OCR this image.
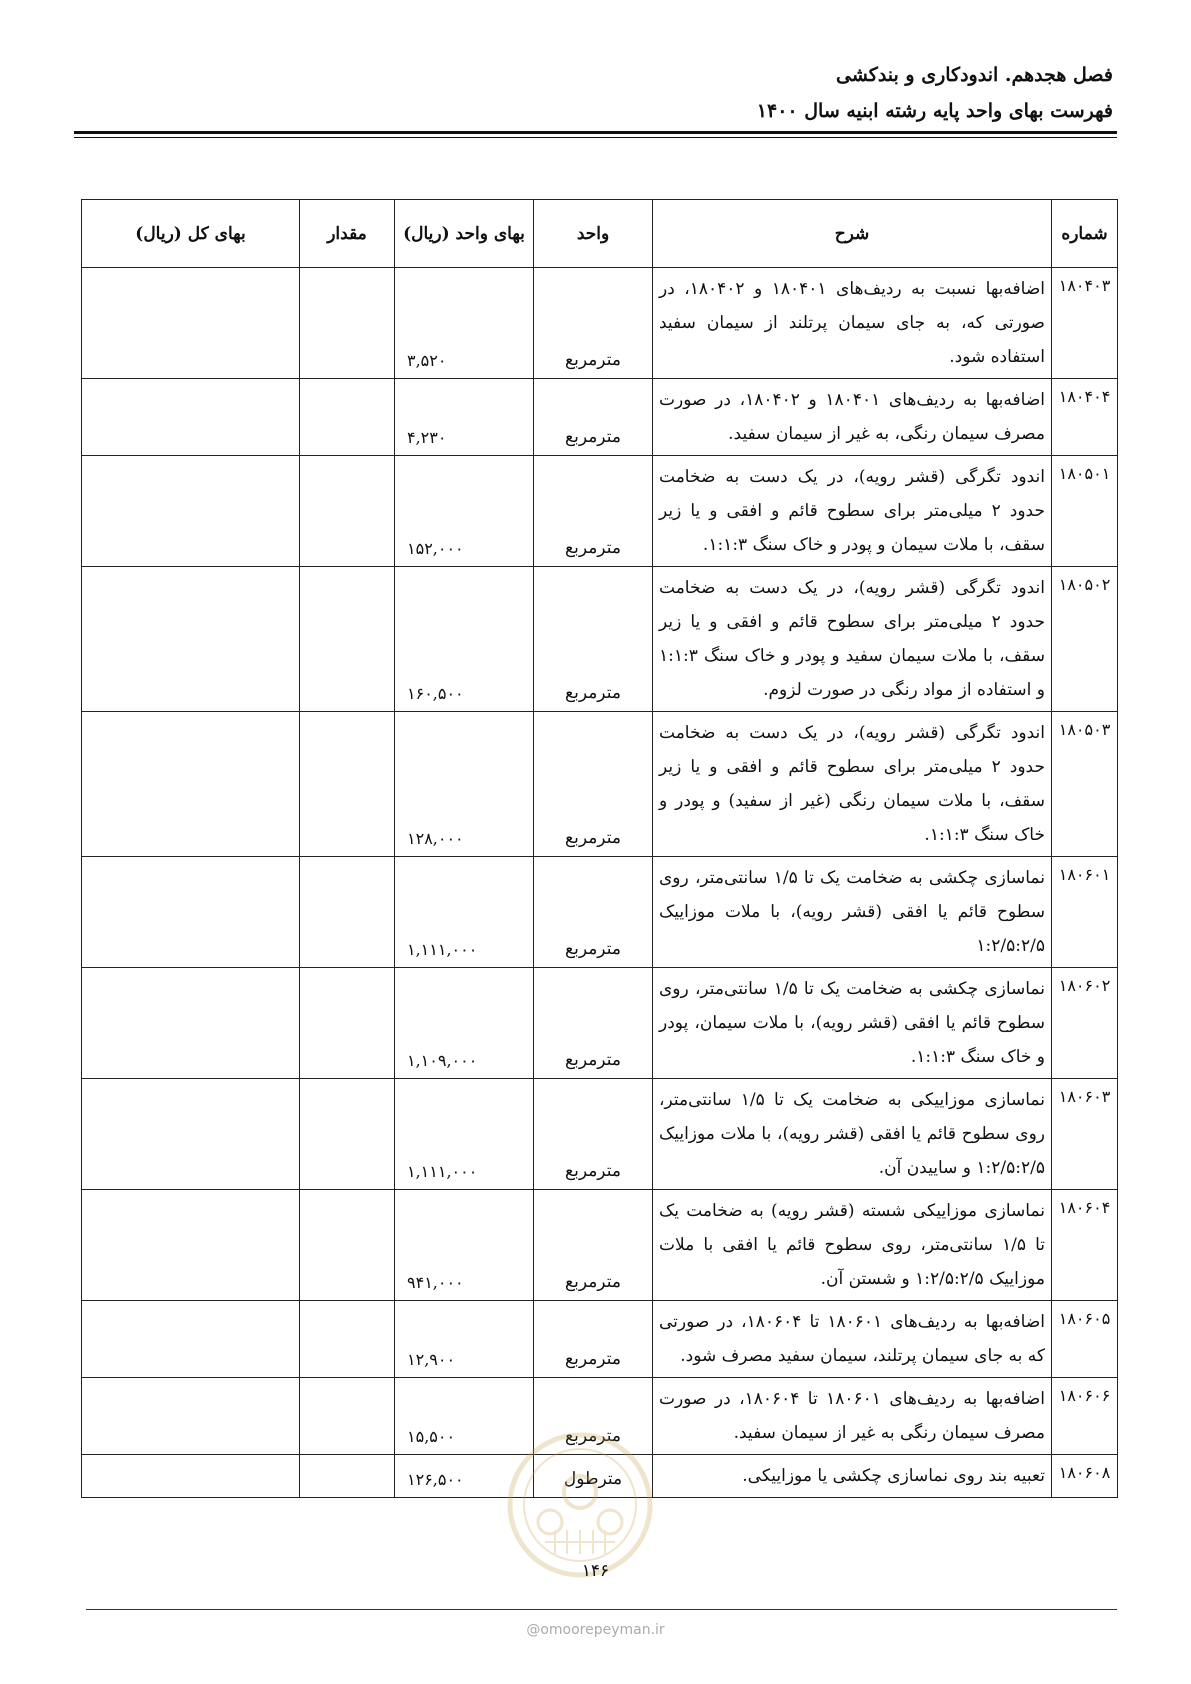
فصل هجدهم. اندودکاری و بندکشی
فهرست بهای واحد پایه رشته ابنیه سال ۱۴۰۰
شماره	شرح	واحد	بهای واحد (ریال)	مقدار	بهای کل (ریال)
۱۸۰۴۰۳	اضافه‌بها نسبت به ردیف‌های ۱۸۰۴۰۱ و ۱۸۰۴۰۲، در صورتی که، به جای سیمان پرتلند از سیمان سفید استفاده شود.	مترمربع	۳,۵۲۰		
۱۸۰۴۰۴	اضافه‌بها به ردیف‌های ۱۸۰۴۰۱ و ۱۸۰۴۰۲، در صورت مصرف سیمان رنگی، به غیر از سیمان سفید.	مترمربع	۴,۲۳۰		
۱۸۰۵۰۱	اندود تگرگی (قشر رویه)، در یک دست به ضخامت حدود ۲ میلی‌متر برای سطوح قائم و افقی و یا زیر سقف، با ملات سیمان و پودر و خاک سنگ ۱:۱:۳.	مترمربع	۱۵۲,۰۰۰		
۱۸۰۵۰۲	اندود تگرگی (قشر رویه)، در یک دست به ضخامت حدود ۲ میلی‌متر برای سطوح قائم و افقی و یا زیر سقف، با ملات سیمان سفید و پودر و خاک سنگ ۱:۱:۳ و استفاده از مواد رنگی در صورت لزوم.	مترمربع	۱۶۰,۵۰۰		
۱۸۰۵۰۳	اندود تگرگی (قشر رویه)، در یک دست به ضخامت حدود ۲ میلی‌متر برای سطوح قائم و افقی و یا زیر سقف، با ملات سیمان رنگی (غیر از سفید) و پودر و خاک سنگ ۱:۱:۳.	مترمربع	۱۲۸,۰۰۰		
۱۸۰۶۰۱	نماسازی چکشی به ضخامت یک تا ۱/۵ سانتی‌متر، روی سطوح قائم یا افقی (قشر رویه)، با ملات موزاییک ۱:۲/۵:۲/۵	مترمربع	۱,۱۱۱,۰۰۰		
۱۸۰۶۰۲	نماسازی چکشی به ضخامت یک تا ۱/۵ سانتی‌متر، روی سطوح قائم یا افقی (قشر رویه)، با ملات سیمان، پودر و خاک سنگ ۱:۱:۳.	مترمربع	۱,۱۰۹,۰۰۰		
۱۸۰۶۰۳	نماسازی موزاییکی به ضخامت یک تا ۱/۵ سانتی‌متر، روی سطوح قائم یا افقی (قشر رویه)، با ملات موزاییک ۱:۲/۵:۲/۵ و ساییدن آن.	مترمربع	۱,۱۱۱,۰۰۰		
۱۸۰۶۰۴	نماسازی موزاییکی شسته (قشر رویه) به ضخامت یک تا ۱/۵ سانتی‌متر، روی سطوح قائم یا افقی با ملات موزاییک ۱:۲/۵:۲/۵ و شستن آن.	مترمربع	۹۴۱,۰۰۰		
۱۸۰۶۰۵	اضافه‌بها به ردیف‌های ۱۸۰۶۰۱ تا ۱۸۰۶۰۴، در صورتی که به جای سیمان پرتلند، سیمان سفید مصرف شود.	مترمربع	۱۲,۹۰۰		
۱۸۰۶۰۶	اضافه‌بها به ردیف‌های ۱۸۰۶۰۱ تا ۱۸۰۶۰۴، در صورت مصرف سیمان رنگی به غیر از سیمان سفید.	مترمربع	۱۵,۵۰۰		
۱۸۰۶۰۸	تعبیه بند روی نماسازی چکشی یا موزاییکی.	مترطول	۱۲۶,۵۰۰		
۱۴۶
@omoorepeyman.ir
